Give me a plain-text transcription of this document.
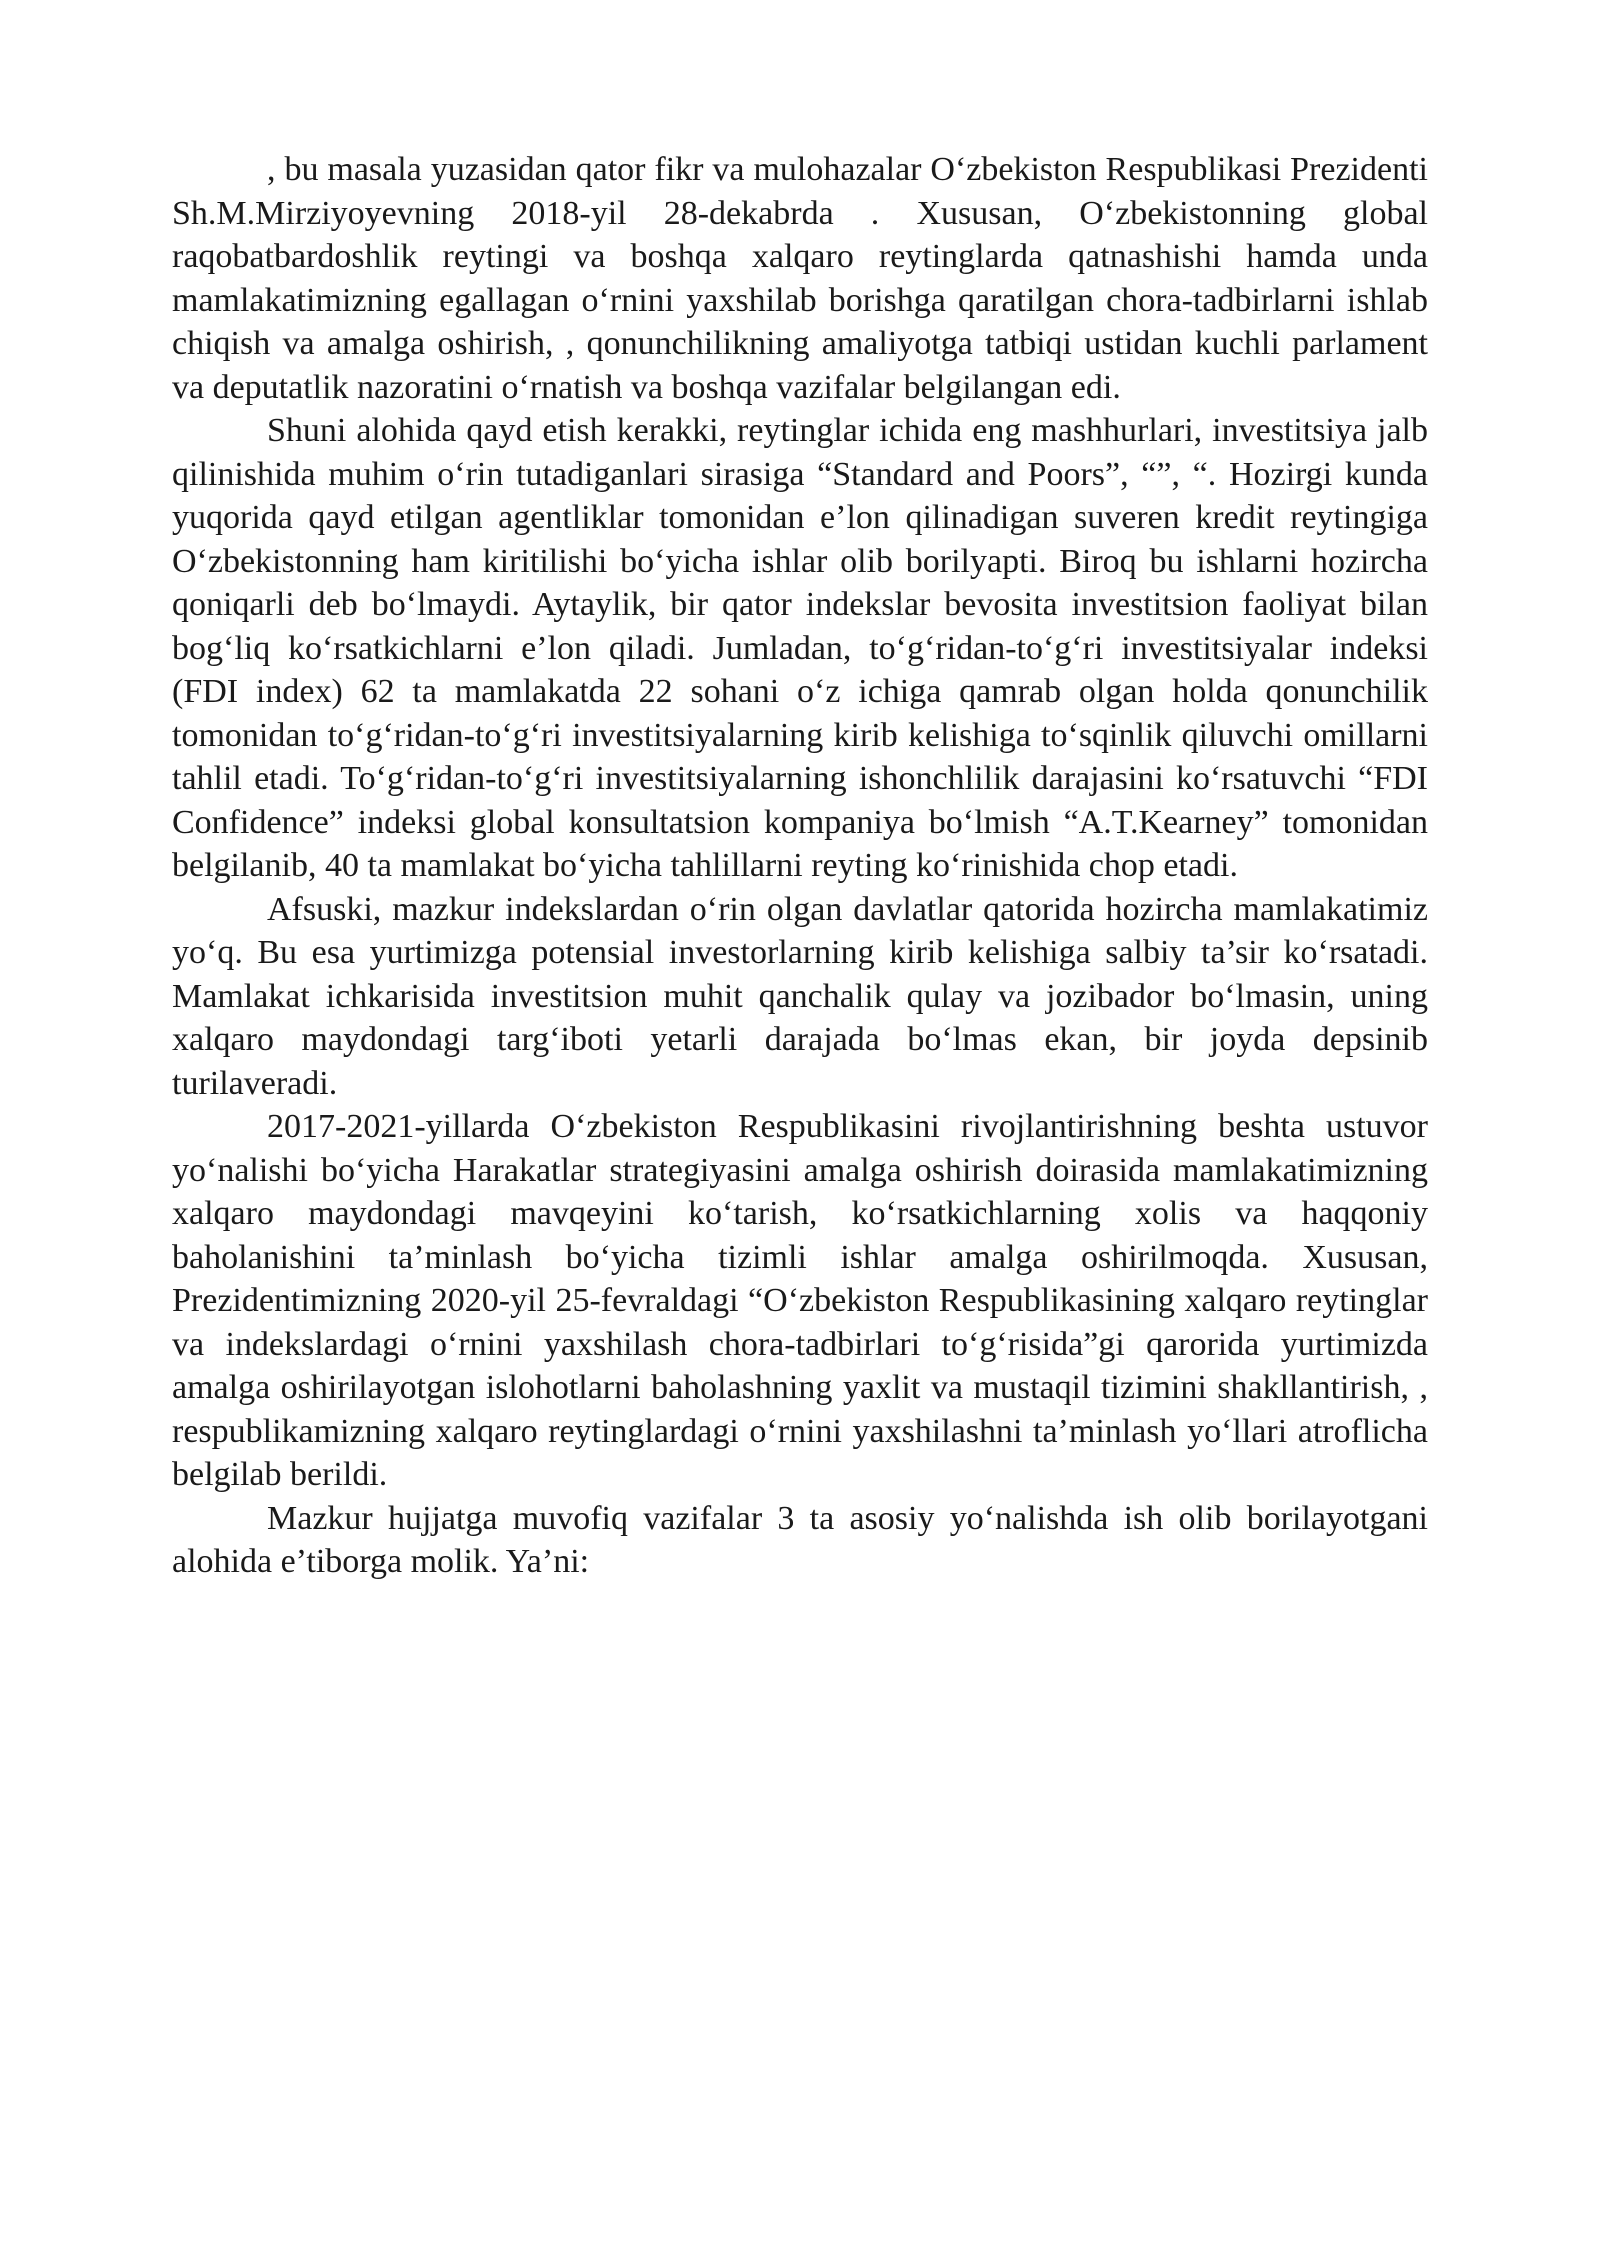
, bu masala yuzasidan qator fikr va mulohazalar O‘zbekiston Respublikasi Prezidenti Sh.M.Mirziyoyevning 2018-yil 28-dekabrda . Xususan, O‘zbekistonning global raqobatbardoshlik reytingi va boshqa xalqaro reytinglarda qatnashishi hamda unda mamlakatimizning egallagan o‘rnini yaxshilab borishga qaratilgan chora-tadbirlarni ishlab chiqish va amalga oshirish, , qonunchilikning amaliyotga tatbiqi ustidan kuchli parlament va deputatlik nazoratini o‘rnatish va boshqa vazifalar belgilangan edi.

Shuni alohida qayd etish kerakki, reytinglar ichida eng mashhurlari, investitsiya jalb qilinishida muhim o‘rin tutadiganlari sirasiga “Standard and Poors”, “”, “. Hozirgi kunda yuqorida qayd etilgan agentliklar tomonidan e’lon qilinadigan suveren kredit reytingiga O‘zbekistonning ham kiritilishi bo‘yicha ishlar olib borilyapti. Biroq bu ishlarni hozircha qoniqarli deb bo‘lmaydi. Aytaylik, bir qator indekslar bevosita investitsion faoliyat bilan bog‘liq ko‘rsatkichlarni e’lon qiladi. Jumladan, to‘g‘ridan-to‘g‘ri investitsiyalar indeksi (FDI index) 62 ta mamlakatda 22 sohani o‘z ichiga qamrab olgan holda qonunchilik tomonidan to‘g‘ridan-to‘g‘ri investitsiyalarning kirib kelishiga to‘sqinlik qiluvchi omillarni tahlil etadi. To‘g‘ridan-to‘g‘ri investitsiyalarning ishonchlilik darajasini ko‘rsatuvchi “FDI Confidence” indeksi global konsultatsion kompaniya bo‘lmish “A.T.Kearney” tomonidan belgilanib, 40 ta mamlakat bo‘yicha tahlillarni reyting ko‘rinishida chop etadi.

Afsuski, mazkur indekslardan o‘rin olgan davlatlar qatorida hozircha mamlakatimiz yo‘q. Bu esa yurtimizga potensial investorlarning kirib kelishiga salbiy ta’sir ko‘rsatadi. Mamlakat ichkarisida investitsion muhit qanchalik qulay va jozibador bo‘lmasin, uning xalqaro maydondagi targ‘iboti yetarli darajada bo‘lmas ekan, bir joyda depsinib turilaveradi.

2017-2021-yillarda O‘zbekiston Respublikasini rivojlantirishning beshta ustuvor yo‘nalishi bo‘yicha Harakatlar strategiyasini amalga oshirish doirasida mamlakatimizning xalqaro maydondagi mavqeyini ko‘tarish, ko‘rsatkichlarning xolis va haqqoniy baholanishini ta’minlash bo‘yicha tizimli ishlar amalga oshirilmoqda. Xususan, Prezidentimizning 2020-yil 25-fevraldagi “O‘zbekiston Respublikasining xalqaro reytinglar va indekslardagi o‘rnini yaxshilash chora-tadbirlari to‘g‘risida”gi qarorida yurtimizda amalga oshirilayotgan islohotlarni baholashning yaxlit va mustaqil tizimini shakllantirish, , respublikamizning xalqaro reytinglardagi o‘rnini yaxshilashni ta’minlash yo‘llari atroflicha belgilab berildi.

Mazkur hujjatga muvofiq vazifalar 3 ta asosiy yo‘nalishda ish olib borilayotgani alohida e’tiborga molik. Ya’ni:
